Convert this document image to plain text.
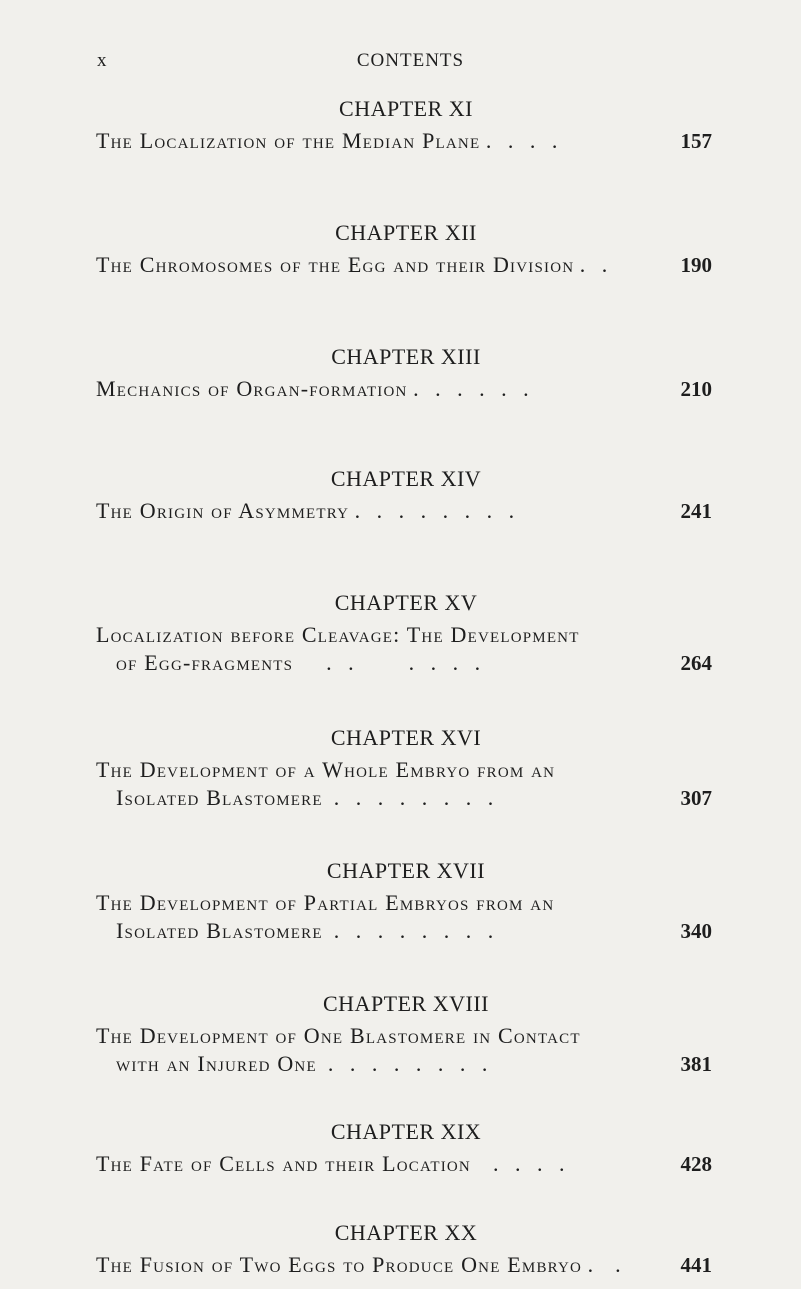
x	CONTENTS
CHAPTER XI
The Localization of the Median Plane .   .   .   .	157
CHAPTER XII
The Chromosomes of the Egg and their Division .   .	190
CHAPTER XIII
Mechanics of Organ-formation .   .   .   .   .   .	210
CHAPTER XIV
The Origin of Asymmetry .   .   .   .   .   .   .   .	241
CHAPTER XV
Localization before Cleavage: The Development
of Egg-fragments      .   .          .   .   .   .	264
CHAPTER XVI
The Development of a Whole Embryo from an
Isolated Blastomere  .   .   .   .   .   .   .   .	307
CHAPTER XVII
The Development of Partial Embryos from an
Isolated Blastomere  .   .   .   .   .   .   .   .	340
CHAPTER XVIII
The Development of One Blastomere in Contact
with an Injured One  .   .   .   .   .   .   .   .	381
CHAPTER XIX
The Fate of Cells and their Location    .   .   .   .	428
CHAPTER XX
The Fusion of Two Eggs to Produce One Embryo .    .	441
